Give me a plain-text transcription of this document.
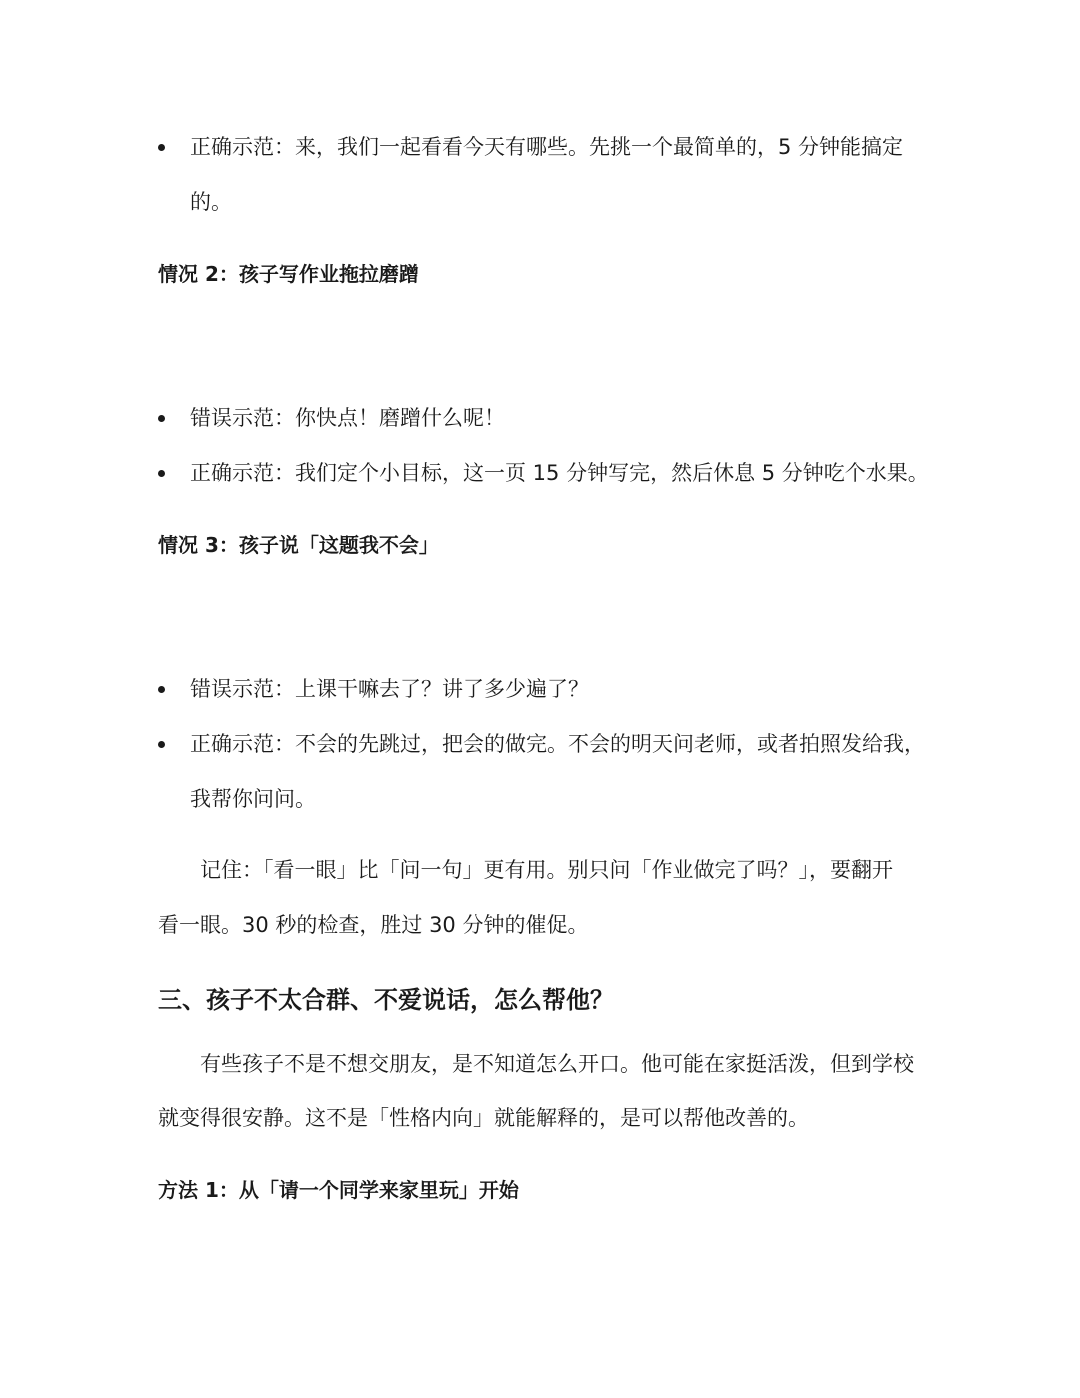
正确示范：来，我们一起看看今天有哪些。先挑一个最简单的，5 分钟能搞定
的。
情况 2：孩子写作业拖拉磨蹭
错误示范：你快点！磨蹭什么呢！
正确示范：我们定个小目标，这一页 15 分钟写完，然后休息 5 分钟吃个水果。
情况 3：孩子说「这题我不会」
错误示范：上课干嘛去了？讲了多少遍了？
正确示范：不会的先跳过，把会的做完。不会的明天问老师，或者拍照发给我，
我帮你问问。
记住：「看一眼」比「问一句」更有用。别只问「作业做完了吗？」，要翻开
看一眼。30 秒的检查，胜过 30 分钟的催促。
三、孩子不太合群、不爱说话，怎么帮他？
有些孩子不是不想交朋友，是不知道怎么开口。他可能在家挺活泼，但到学校
就变得很安静。这不是「性格内向」就能解释的，是可以帮他改善的。
方法 1：从「请一个同学来家里玩」开始
